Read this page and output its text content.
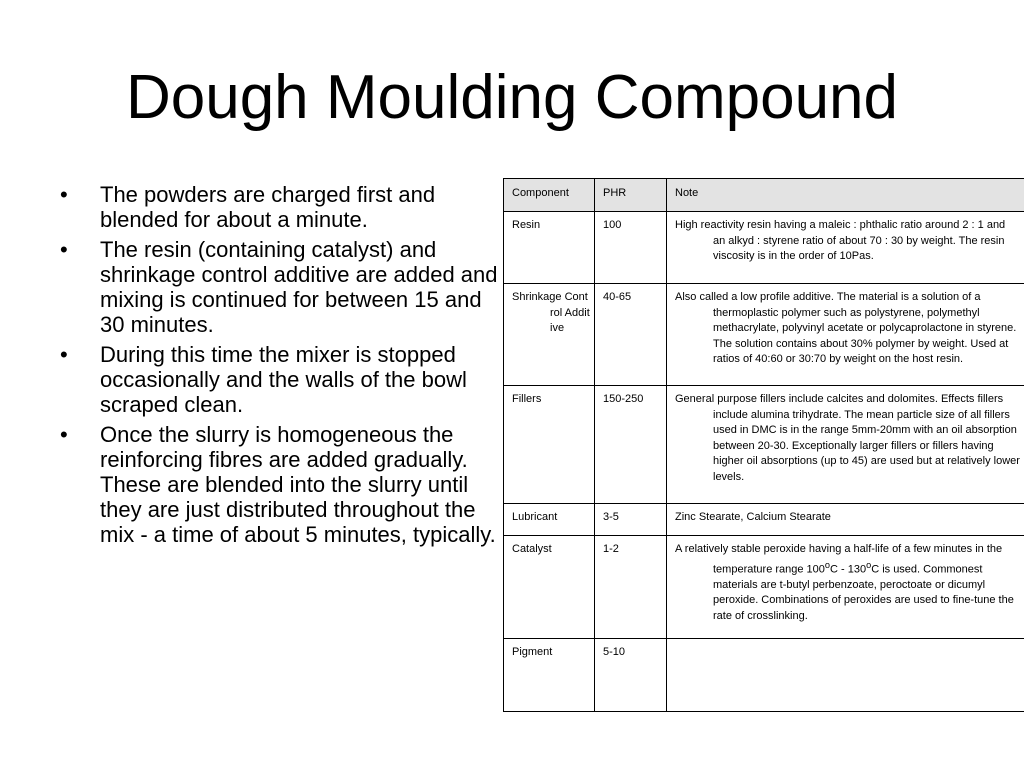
Dough Moulding Compound
• The powders are charged first and blended for about a minute.
• The resin (containing catalyst) and shrinkage control additive are added and mixing is continued for between 15 and 30 minutes.
• During this time the mixer is stopped occasionally and the walls of the bowl scraped clean.
• Once the slurry is homogeneous the reinforcing fibres are added gradually. These are blended into the slurry until they are just distributed throughout the mix - a time of about 5 minutes, typically.
Component	PHR	Note
Resin	100	High reactivity resin having a maleic : phthalic ratio around 2 : 1 and an alkyd : styrene ratio of about 70 : 30 by weight. The resin viscosity is in the order of 10Pas.

Shrinkage Control Additive	40-65	Also called a low profile additive. The material is a solution of a thermoplastic polymer such as polystyrene, polymethyl methacrylate, polyvinyl acetate or polycaprolactone in styrene. The solution contains about 30% polymer by weight. Used at ratios of 40:60 or 30:70 by weight on the host resin.

Fillers	150-250	General purpose fillers include calcites and dolomites. Effects fillers include alumina trihydrate. The mean particle size of all fillers used in DMC is in the range 5mm-20mm with an oil absorption between 20-30. Exceptionally larger fillers or fillers having higher oil absorptions (up to 45) are used but at relatively lower levels.

Lubricant	3-5	Zinc Stearate, Calcium Stearate

Catalyst	1-2	A relatively stable peroxide having a half-life of a few minutes in the temperature range 100$^o$C - 130$^o$C is used. Commonest materials are t-butyl perbenzoate, peroctoate or dicumyl peroxide. Combinations of peroxides are used to fine-tune the rate of crosslinking.

Pigment	5-10	
